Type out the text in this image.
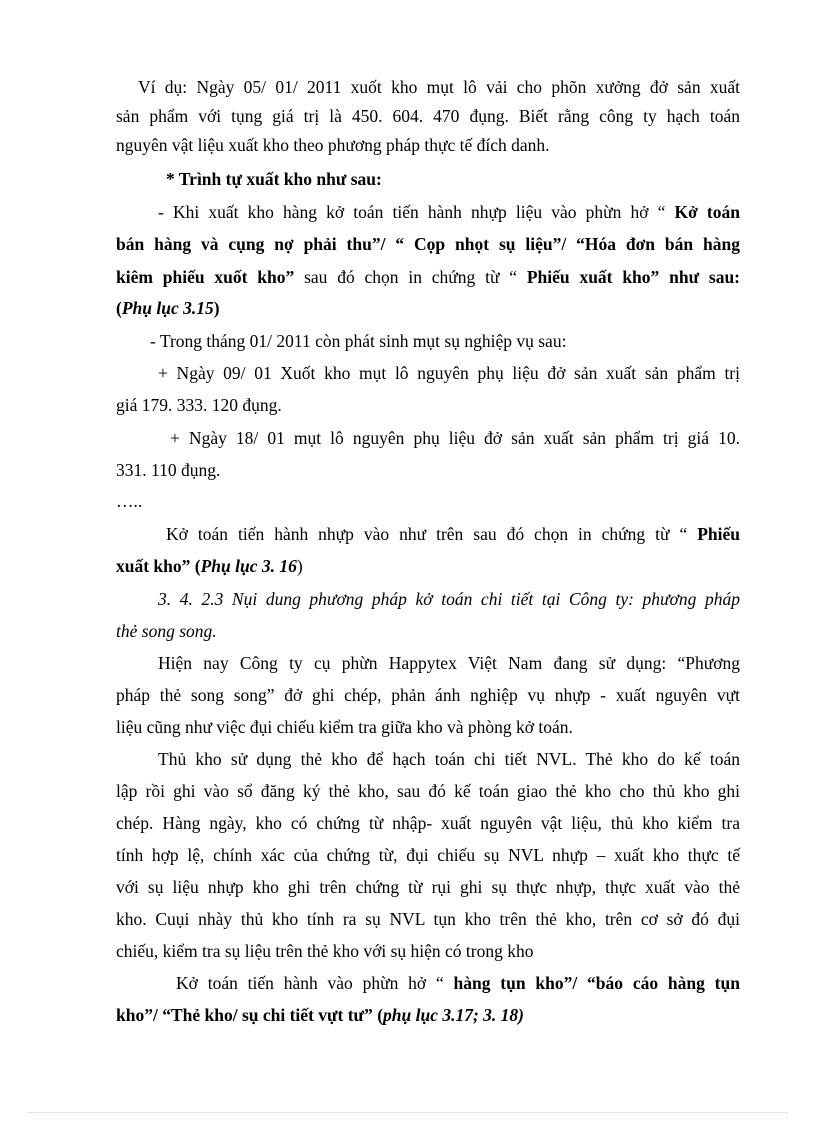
Ví dụ: Ngày 05/ 01/ 2011 xuốt kho mụt lô vải cho phõn xưởng đở sản xuất
sản phẩm với tụng giá trị là 450. 604. 470 đụng. Biết rằng công ty hạch toán
nguyên vật liệu xuất kho theo phương pháp thực tế đích danh.
* Trình tự xuất kho như sau:
- Khi xuất kho hàng kở toán tiến hành nhựp liệu vào phừn hở “ Kở toán
bán hàng và cụng nợ phải thu”/ “ Cọp nhọt sụ liệu”/ “Hóa đơn bán hàng
kiêm phiếu xuốt kho” sau đó chọn in chứng từ “ Phiếu xuất kho” như sau:
(Phụ lục 3.15)
- Trong tháng 01/ 2011 còn phát sinh mụt sụ nghiệp vụ sau:
+ Ngày 09/ 01 Xuốt kho mụt lô nguyên phụ liệu đở sản xuất sản phẩm trị
giá 179. 333. 120 đụng.
+ Ngày 18/ 01 mụt lô nguyên phụ liệu đở sản xuất sản phẩm trị giá 10.
331. 110 đụng.
…..
Kở toán tiến hành nhựp vào như trên sau đó chọn in chứng từ “ Phiếu
xuất kho” (Phụ lục 3. 16)
3. 4. 2.3 Nụi dung phương pháp kở toán chi tiết tại Công ty: phương pháp
thẻ song song.
Hiện nay Công ty cụ phừn Happytex Việt Nam đang sử dụng: “Phương
pháp thẻ song song” đở ghi chép, phản ánh nghiệp vụ nhựp - xuất nguyên vựt
liệu cũng như việc đụi chiếu kiểm tra giữa kho và phòng kở toán.
Thủ kho sử dụng thẻ kho để hạch toán chi tiết NVL. Thẻ kho do kế toán
lập rồi ghi vào sổ đăng ký thẻ kho, sau đó kế toán giao thẻ kho cho thủ kho ghi
chép. Hàng ngày, kho có chứng từ nhập- xuất nguyên vật liệu, thủ kho kiểm tra
tính hợp lệ, chính xác của chứng từ, đụi chiếu sụ NVL nhựp – xuất kho thực tế
với sụ liệu nhựp kho ghi trên chứng từ rụi ghi sụ thực nhựp, thực xuất vào thẻ
kho. Cuụi nhày thủ kho tính ra sụ NVL tụn kho trên thẻ kho, trên cơ sở đó đụi
chiếu, kiểm tra sụ liệu trên thẻ kho với sụ hiện có trong kho
Kở toán tiến hành vào phừn hở “ hàng tụn kho”/ “báo cáo hàng tụn
kho”/ “Thẻ kho/ sụ chi tiết vựt tư” (phụ lục 3.17; 3. 18)
